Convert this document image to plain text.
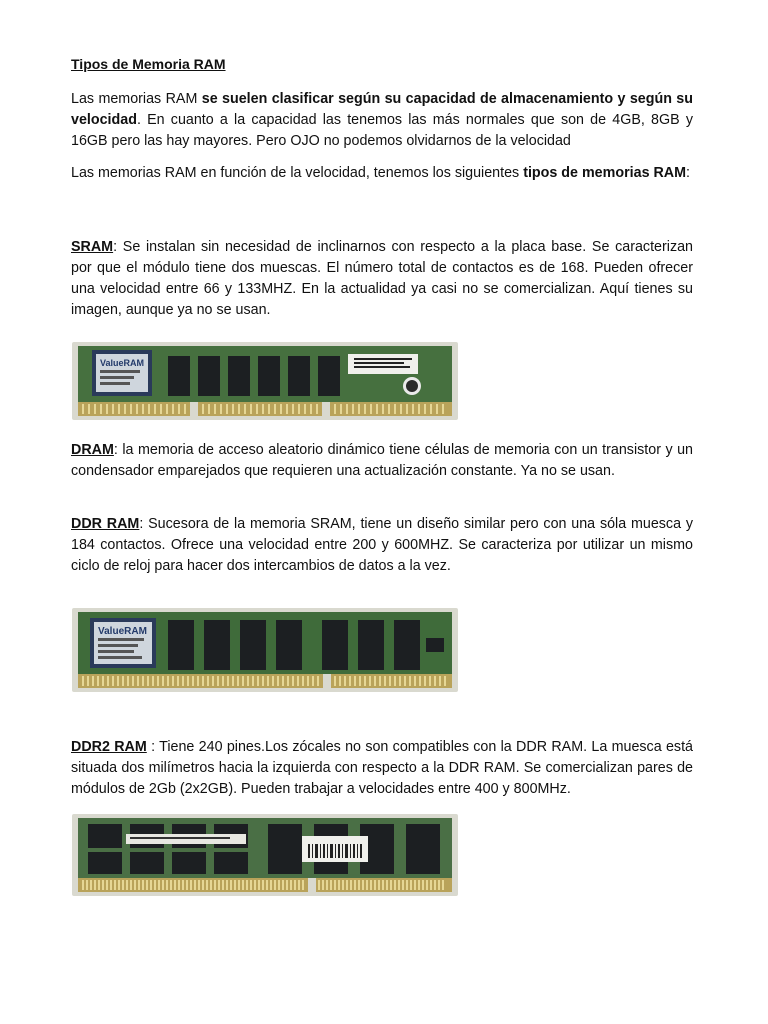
Tipos de Memoria RAM

Las memorias RAM se suelen clasificar según su capacidad de almacenamiento y según su velocidad. En cuanto a la capacidad las tenemos las más normales que son de 4GB, 8GB y 16GB pero las hay mayores. Pero OJO no podemos olvidarnos de la velocidad

Las memorias RAM en función de la velocidad, tenemos los siguientes tipos de memorias RAM:

SRAM: Se instalan sin necesidad de inclinarnos con respecto a la placa base. Se caracterizan por que el módulo tiene dos muescas. El número total de contactos es de 168. Pueden ofrecer una velocidad entre 66 y 133MHZ. En la actualidad ya casi no se comercializan. Aquí tienes su imagen, aunque ya no se usan.

ValueRAM

DRAM: la memoria de acceso aleatorio dinámico tiene células de memoria con un transistor y un condensador emparejados que requieren una actualización constante. Ya no se usan.

DDR RAM: Sucesora de la memoria SRAM, tiene un diseño similar pero con una sóla muesca y 184 contactos. Ofrece una velocidad entre 200 y 600MHZ. Se caracteriza por utilizar un mismo ciclo de reloj para hacer dos intercambios de datos a la vez.

ValueRAM

DDR2 RAM : Tiene 240 pines.Los zócales no son compatibles con la DDR RAM. La muesca está situada dos milímetros hacia la izquierda con respecto a la DDR RAM. Se comercializan pares de módulos de 2Gb (2x2GB). Pueden trabajar a velocidades entre 400 y 800MHz.
